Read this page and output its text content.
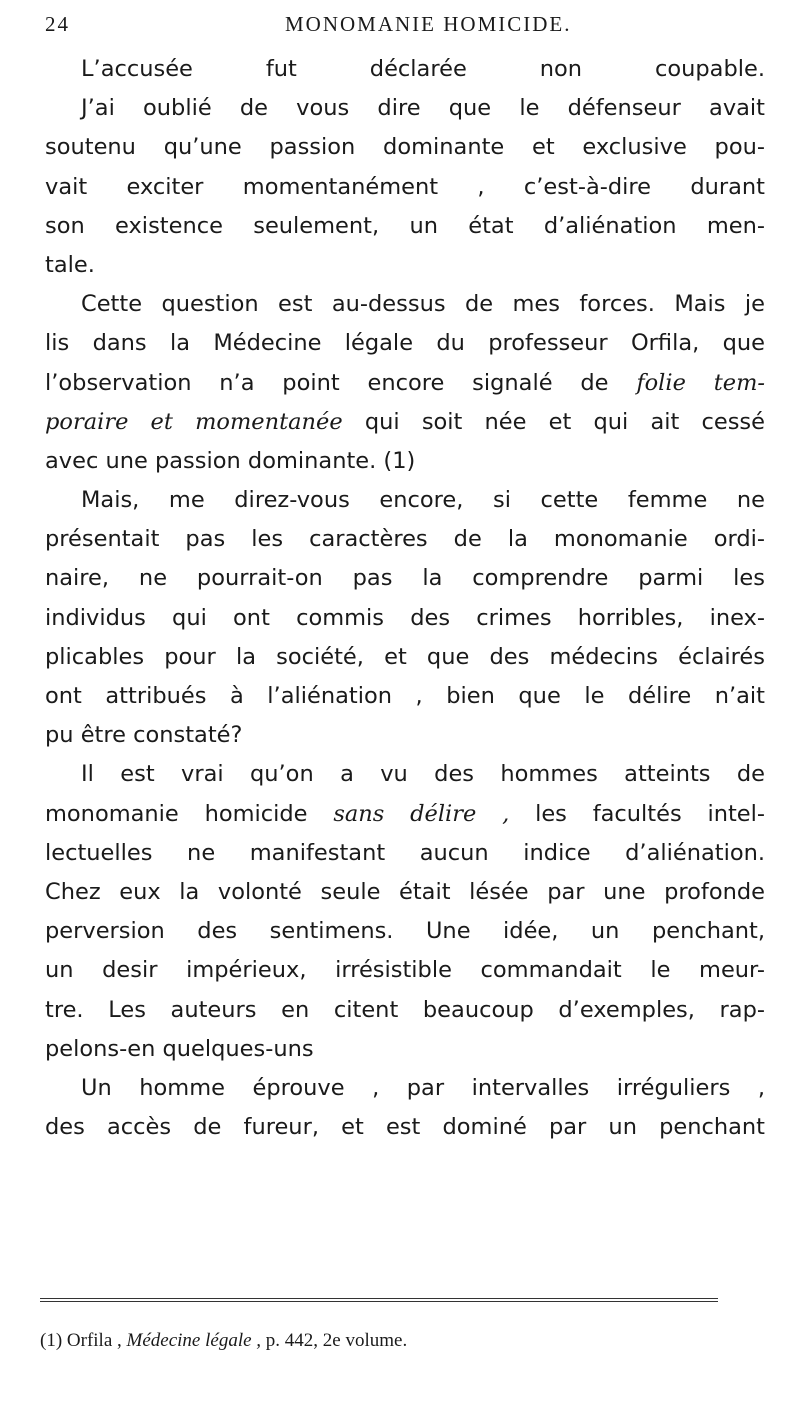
24	MONOMANIE HOMICIDE.
L’accusée fut déclarée non coupable.
J’ai oublié de vous dire que le défenseur avait
soutenu qu’une passion dominante et exclusive pou-
vait exciter momentanément , c’est-à-dire durant
son existence seulement, un état d’aliénation men-
tale.
Cette question est au-dessus de mes forces. Mais je
lis dans la Médecine légale du professeur Orfila, que
l’observation n’a point encore signalé de folie tem-
poraire et momentanée qui soit née et qui ait cessé
avec une passion dominante. (1)
Mais, me direz-vous encore, si cette femme ne
présentait pas les caractères de la monomanie ordi-
naire, ne pourrait-on pas la comprendre parmi les
individus qui ont commis des crimes horribles, inex-
plicables pour la société, et que des médecins éclairés
ont attribués à l’aliénation , bien que le délire n’ait
pu être constaté?
Il est vrai qu’on a vu des hommes atteints de
monomanie homicide sans délire , les facultés intel-
lectuelles ne manifestant aucun indice d’aliénation.
Chez eux la volonté seule était lésée par une profonde
perversion des sentimens. Une idée, un penchant,
un desir impérieux, irrésistible commandait le meur-
tre. Les auteurs en citent beaucoup d’exemples, rap-
pelons-en quelques-uns
Un homme éprouve , par intervalles irréguliers ,
des accès de fureur, et est dominé par un penchant
(1) Orfila , Médecine légale , p. 442, 2e volume.
